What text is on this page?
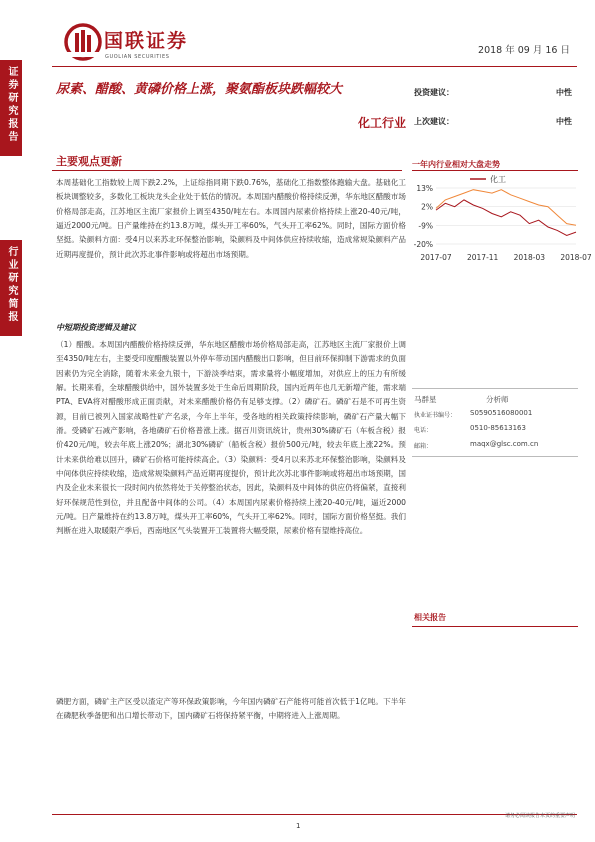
证券研究报告
行业研究简报
国联证券
GUOLIAN SECURITIES
2018 年 09 月 16 日
尿素、醋酸、黄磷价格上涨，聚氨酯板块跌幅较大
化工行业
投资建议：	中性
上次建议：	中性
主要观点更新
本周基础化工指数较上周下跌2.2%，上证综指同期下跌0.76%，基础化工指数整体跑输大盘。基础化工板块调整较多，多数化工板块龙头企业处于低估的情况。本周国内醋酸价格持续反弹，华东地区醋酸市场价格局部走高，江苏地区主流厂家报价上调至4350/吨左右。本周国内尿素价格持续上涨20-40元/吨，逼近2000元/吨。日产量维持在约13.8万吨，煤头开工率60%，气头开工率62%。同时，国际方面价格坚挺。染颜料方面：受4月以来苏北环保整治影响，染颜料及中间体供应持续收缩，造成常规染颜料产品近期再度提价，预计此次苏北事件影响或将超出市场预期。
中短期投资逻辑及建议
（1）醋酸。本周国内醋酸价格持续反弹，华东地区醋酸市场价格局部走高，江苏地区主流厂家报价上调至4350/吨左右，主要受印度醋酸装置以外停车带动国内醋酸出口影响，但目前环保抑制下游需求的负面因素仍为完全消除，随着未来金九银十，下游淡季结束，需求量将小幅度增加，对供应上的压力有所缓解。长期来看，全球醋酸供给中，国外装置多处于生命后周期阶段，国内近两年也几无新增产能，需求端PTA、EVA将对醋酸形成正面贡献，对未来醋酸价格仍有足够支撑。（2）磷矿石。磷矿石是不可再生资源，目前已被列入国家战略性矿产名录，今年上半年，受各地的相关政策持续影响，磷矿石产量大幅下滑。受磷矿石减产影响，各地磷矿石价格普涨上涨。据百川资讯统计，贵州30%磷矿石（车板含税）报价420元/吨，较去年底上涨20%；湖北30%磷矿（船板含税）报价500元/吨，较去年底上涨22%。预计未来供给难以回升，磷矿石价格可能持续高企。（3）染颜料：受4月以来苏北环保整治影响，染颜料及中间体供应持续收缩，造成常规染颜料产品近期再度提价，预计此次苏北事件影响或将超出市场预期，国内及企业未来很长一段时间内依然将处于关停整治状态，因此，染颜料及中间体的供应仍将偏紧，直接利好环保规范性到位，并且配备中间体的公司。（4）本周国内尿素价格持续上涨20-40元/吨，逼近2000元/吨。日产量维持在约13.8万吨，煤头开工率60%，气头开工率62%。同时，国际方面价格坚挺。我们判断在进入取暖限产季后，西南地区气头装置开工装置将大幅受限，尿素价格有望维持高位。
磷肥方面，磷矿主产区受以渣定产等环保政策影响，今年国内磷矿石产能将可能首次低于1亿吨。下半年在磷肥秋季备肥和出口增长带动下，国内磷矿石将保持紧平衡，中期将进入上涨周期。
一年内行业相对大盘走势
化工
13%
2%
-9%
-20%
2017-07 2017-11 2018-03 2018-07
马群星	分析师
执业证书编号： S0590516080001
电话：	0510-85613163
邮箱：	maqx@glsc.com.cn
相关报告
1
请务必阅读报告末页的重要声明
